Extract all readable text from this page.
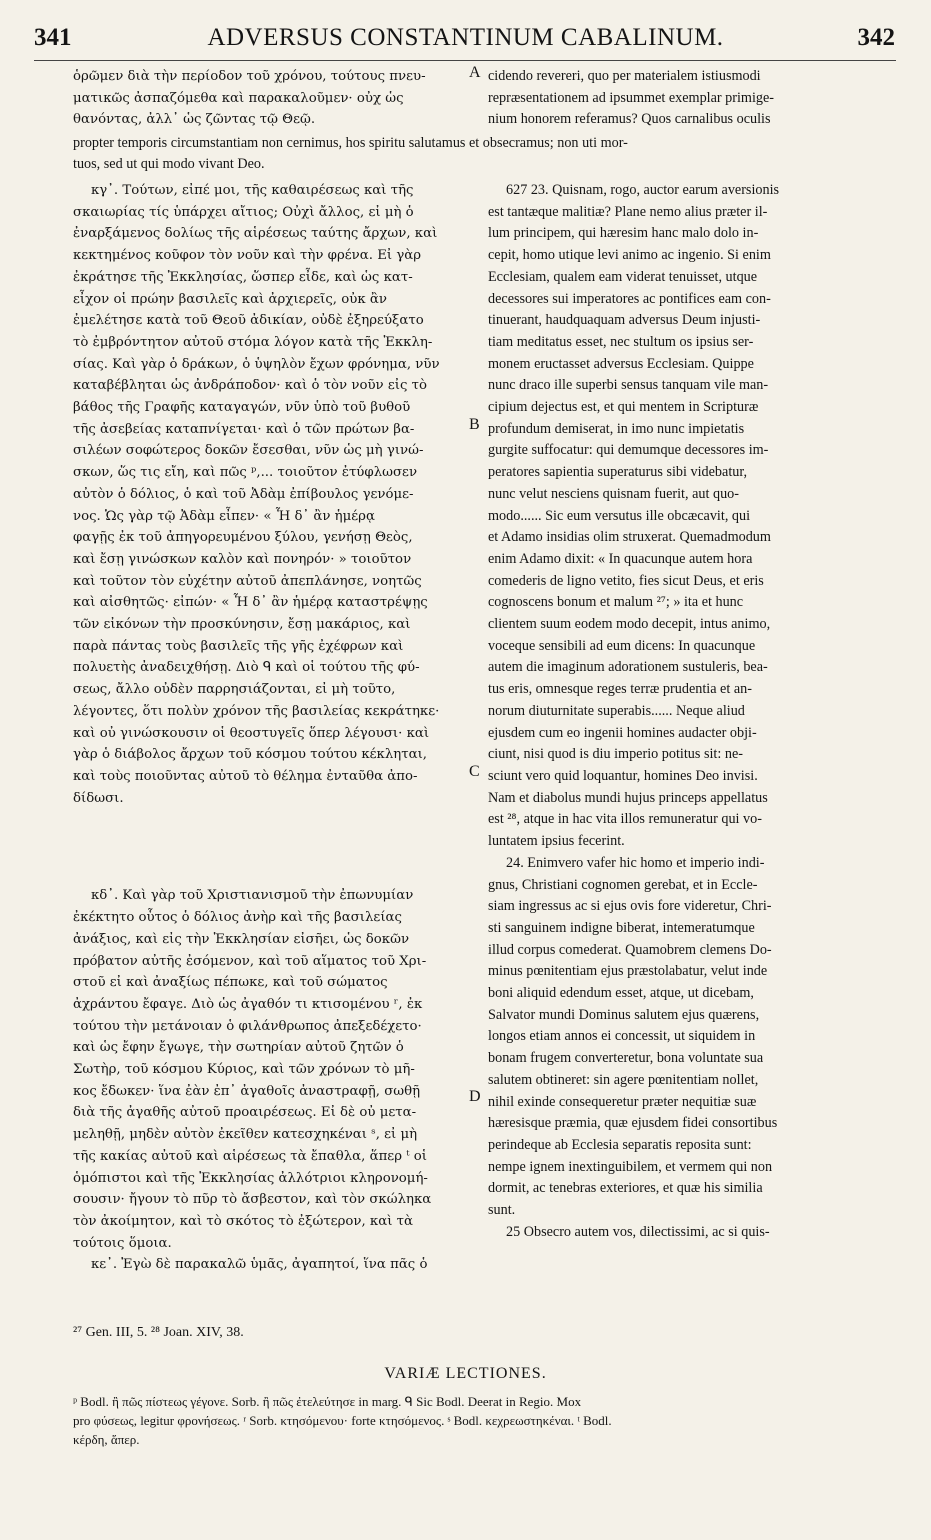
341	ADVERSUS CONSTANTINUM CABALINUM.	342
ὁρῶμεν διὰ τὴν περίοδον τοῦ χρόνου, τούτους πνευ-
ματικῶς ἀσπαζόμεθα καὶ παρακαλοῦμεν· οὐχ ὡς
θανόντας, ἀλλ᾽ ὡς ζῶντας τῷ Θεῷ.
cidendo revereri, quo per materialem istiusmodi
repræsentationem ad ipsummet exemplar primige-
nium honorem referamus? Quos carnalibus oculis
A
propter temporis circumstantiam non cernimus, hos spiritu salutamus et obsecramus; non uti mor-
tuos, sed ut qui modo vivant Deo.
κγ᾽. Τούτων, εἰπέ μοι, τῆς καθαιρέσεως καὶ τῆς
σκαιωρίας τίς ὑπάρχει αἴτιος; Οὐχὶ ἄλλος, εἰ μὴ ὁ
ἐναρξάμενος δολίως τῆς αἱρέσεως ταύτης ἄρχων, καὶ
κεκτημένος κοῦφον τὸν νοῦν καὶ τὴν φρένα. Εἰ γὰρ
ἐκράτησε τῆς Ἐκκλησίας, ὥσπερ εἶδε, καὶ ὡς κατ-
εἶχον οἱ πρώην βασιλεῖς καὶ ἀρχιερεῖς, οὐκ ἂν
ἐμελέτησε κατὰ τοῦ Θεοῦ ἀδικίαν, οὐδὲ ἐξηρεύξατο
τὸ ἐμβρόντητον αὐτοῦ στόμα λόγον κατὰ τῆς Ἐκκλη-
σίας. Καὶ γὰρ ὁ δράκων, ὁ ὑψηλὸν ἔχων φρόνημα, νῦν
καταβέβληται ὡς ἀνδράποδον· καὶ ὁ τὸν νοῦν εἰς τὸ
βάθος τῆς Γραφῆς καταγαγών, νῦν ὑπὸ τοῦ βυθοῦ
τῆς ἀσεβείας καταπνίγεται· καὶ ὁ τῶν πρώτων βα-
σιλέων σοφώτερος δοκῶν ἔσεσθαι, νῦν ὡς μὴ γινώ-
σκων, ὥς τις εἴη, καὶ πῶς ᵖ,... τοιοῦτον ἐτύφλωσεν
αὐτὸν ὁ δόλιος, ὁ καὶ τοῦ Ἀδὰμ ἐπίβουλος γενόμε-
νος. Ὡς γὰρ τῷ Ἀδὰμ εἶπεν· « Ἧ δ᾽ ἂν ἡμέρᾳ
φαγῇς ἐκ τοῦ ἀπηγορευμένου ξύλου, γενήσῃ Θεὸς,
καὶ ἔσῃ γινώσκων καλὸν καὶ πονηρόν· » τοιοῦτον
καὶ τοῦτον τὸν εὐχέτην αὐτοῦ ἀπεπλάνησε, νοητῶς
καὶ αἰσθητῶς· εἰπών· « Ἧ δ᾽ ἂν ἡμέρᾳ καταστρέψῃς
τῶν εἰκόνων τὴν προσκύνησιν, ἔσῃ μακάριος, καὶ
παρὰ πάντας τοὺς βασιλεῖς τῆς γῆς ἐχέφρων καὶ
πολυετὴς ἀναδειχθήσῃ. Διὸ ᑫ καὶ οἱ τούτου τῆς φύ-
σεως, ἄλλο οὐδὲν παρρησιάζονται, εἰ μὴ τοῦτο,
λέγοντες, ὅτι πολὺν χρόνον τῆς βασιλείας κεκράτηκε·
καὶ οὐ γινώσκουσιν οἱ θεοστυγεῖς ὅπερ λέγουσι· καὶ
γὰρ ὁ διάβολος ἄρχων τοῦ κόσμου τούτου κέκληται,
καὶ τοὺς ποιοῦντας αὐτοῦ τὸ θέλημα ἐνταῦθα ἀπο-
δίδωσι.
κδ᾽. Καὶ γὰρ τοῦ Χριστιανισμοῦ τὴν ἐπωνυμίαν
ἐκέκτητο οὗτος ὁ δόλιος ἀνὴρ καὶ τῆς βασιλείας
ἀνάξιος, καὶ εἰς τὴν Ἐκκλησίαν εἰσῆει, ὡς δοκῶν
πρόβατον αὐτῆς ἐσόμενον, καὶ τοῦ αἵματος τοῦ Χρι-
στοῦ εἰ καὶ ἀναξίως πέπωκε, καὶ τοῦ σώματος
ἀχράντου ἔφαγε. Διὸ ὡς ἀγαθόν τι κτισομένου ʳ, ἐκ
τούτου τὴν μετάνοιαν ὁ φιλάνθρωπος ἀπεξεδέχετο·
καὶ ὡς ἔφην ἔγωγε, τὴν σωτηρίαν αὐτοῦ ζητῶν ὁ
Σωτὴρ, τοῦ κόσμου Κύριος, καὶ τῶν χρόνων τὸ μῆ-
κος ἔδωκεν· ἵνα ἐὰν ἐπ᾽ ἀγαθοῖς ἀναστραφῇ, σωθῇ
διὰ τῆς ἀγαθῆς αὐτοῦ προαιρέσεως. Εἰ δὲ οὐ μετα-
μεληθῇ, μηδὲν αὐτὸν ἐκεῖθεν κατεσχηκέναι ˢ, εἰ μὴ
τῆς κακίας αὐτοῦ καὶ αἱρέσεως τὰ ἔπαθλα, ἅπερ ᵗ οἱ
ὁμόπιστοι καὶ τῆς Ἐκκλησίας ἀλλότριοι κληρονομή-
σουσιν· ἤγουν τὸ πῦρ τὸ ἄσβεστον, καὶ τὸν σκώληκα
τὸν ἀκοίμητον, καὶ τὸ σκότος τὸ ἐξώτερον, καὶ τὰ
τούτοις ὅμοια.
κε᾽. Ἐγὼ δὲ παρακαλῶ ὑμᾶς, ἀγαπητοί, ἵνα πᾶς ὁ
627 23. Quisnam, rogo, auctor earum aversionis
est tantæque malitiæ? Plane nemo alius præter il-
lum principem, qui hæresim hanc malo dolo in-
cepit, homo utique levi animo ac ingenio. Si enim
Ecclesiam, qualem eam viderat tenuisset, utque
decessores sui imperatores ac pontifices eam con-
tinuerant, haudquaquam adversus Deum injusti-
tiam meditatus esset, nec stultum os ipsius ser-
monem eructasset adversus Ecclesiam. Quippe
nunc draco ille superbi sensus tanquam vile man-
cipium dejectus est, et qui mentem in Scripturæ
profundum demiserat, in imo nunc impietatis
gurgite suffocatur: qui demumque decessores im-
peratores sapientia superaturus sibi videbatur,
nunc velut nesciens quisnam fuerit, aut quo-
modo...... Sic eum versutus ille obcæcavit, qui
et Adamo insidias olim struxerat. Quemadmodum
enim Adamo dixit: « In quacunque autem hora
comederis de ligno vetito, fies sicut Deus, et eris
cognoscens bonum et malum ²⁷; » ita et hunc
clientem suum eodem modo decepit, intus animo,
voceque sensibili ad eum dicens: In quacunque
autem die imaginum adorationem sustuleris, bea-
tus eris, omnesque reges terræ prudentia et an-
norum diuturnitate superabis...... Neque aliud
ejusdem cum eo ingenii homines audacter obji-
ciunt, nisi quod is diu imperio potitus sit: ne-
sciunt vero quid loquantur, homines Deo invisi.
Nam et diabolus mundi hujus princeps appellatus
est ²⁸, atque in hac vita illos remuneratur qui vo-
luntatem ipsius fecerint.
24. Enimvero vafer hic homo et imperio indi-
gnus, Christiani cognomen gerebat, et in Eccle-
siam ingressus ac si ejus ovis fore videretur, Chri-
sti sanguinem indigne biberat, intemeratumque
illud corpus comederat. Quamobrem clemens Do-
minus pœnitentiam ejus præstolabatur, velut inde
boni aliquid edendum esset, atque, ut dicebam,
Salvator mundi Dominus salutem ejus quærens,
longos etiam annos ei concessit, ut siquidem in
bonam frugem converteretur, bona voluntate sua
salutem obtineret: sin agere pœnitentiam nollet,
nihil exinde consequeretur præter nequitiæ suæ
hæresisque præmia, quæ ejusdem fidei consortibus
perindeque ab Ecclesia separatis reposita sunt:
nempe ignem inextinguibilem, et vermem qui non
dormit, ac tenebras exteriores, et quæ his similia
sunt.
25 Obsecro autem vos, dilectissimi, ac si quis-
B
C
D
²⁷ Gen. III, 5. ²⁸ Joan. XIV, 38.
VARIÆ LECTIONES.
ᵖ Bodl. ἢ πῶς πίστεως γέγονε. Sorb. ἢ πῶς ἐτελεύτησε in marg. ᑫ Sic Bodl. Deerat in Regio. Mox
pro φύσεως, legitur φρονήσεως. ʳ Sorb. κτησόμενου· forte κτησόμενος. ˢ Bodl. κεχρεωστηκέναι. ᵗ Bodl.
κέρδη, ἅπερ.
